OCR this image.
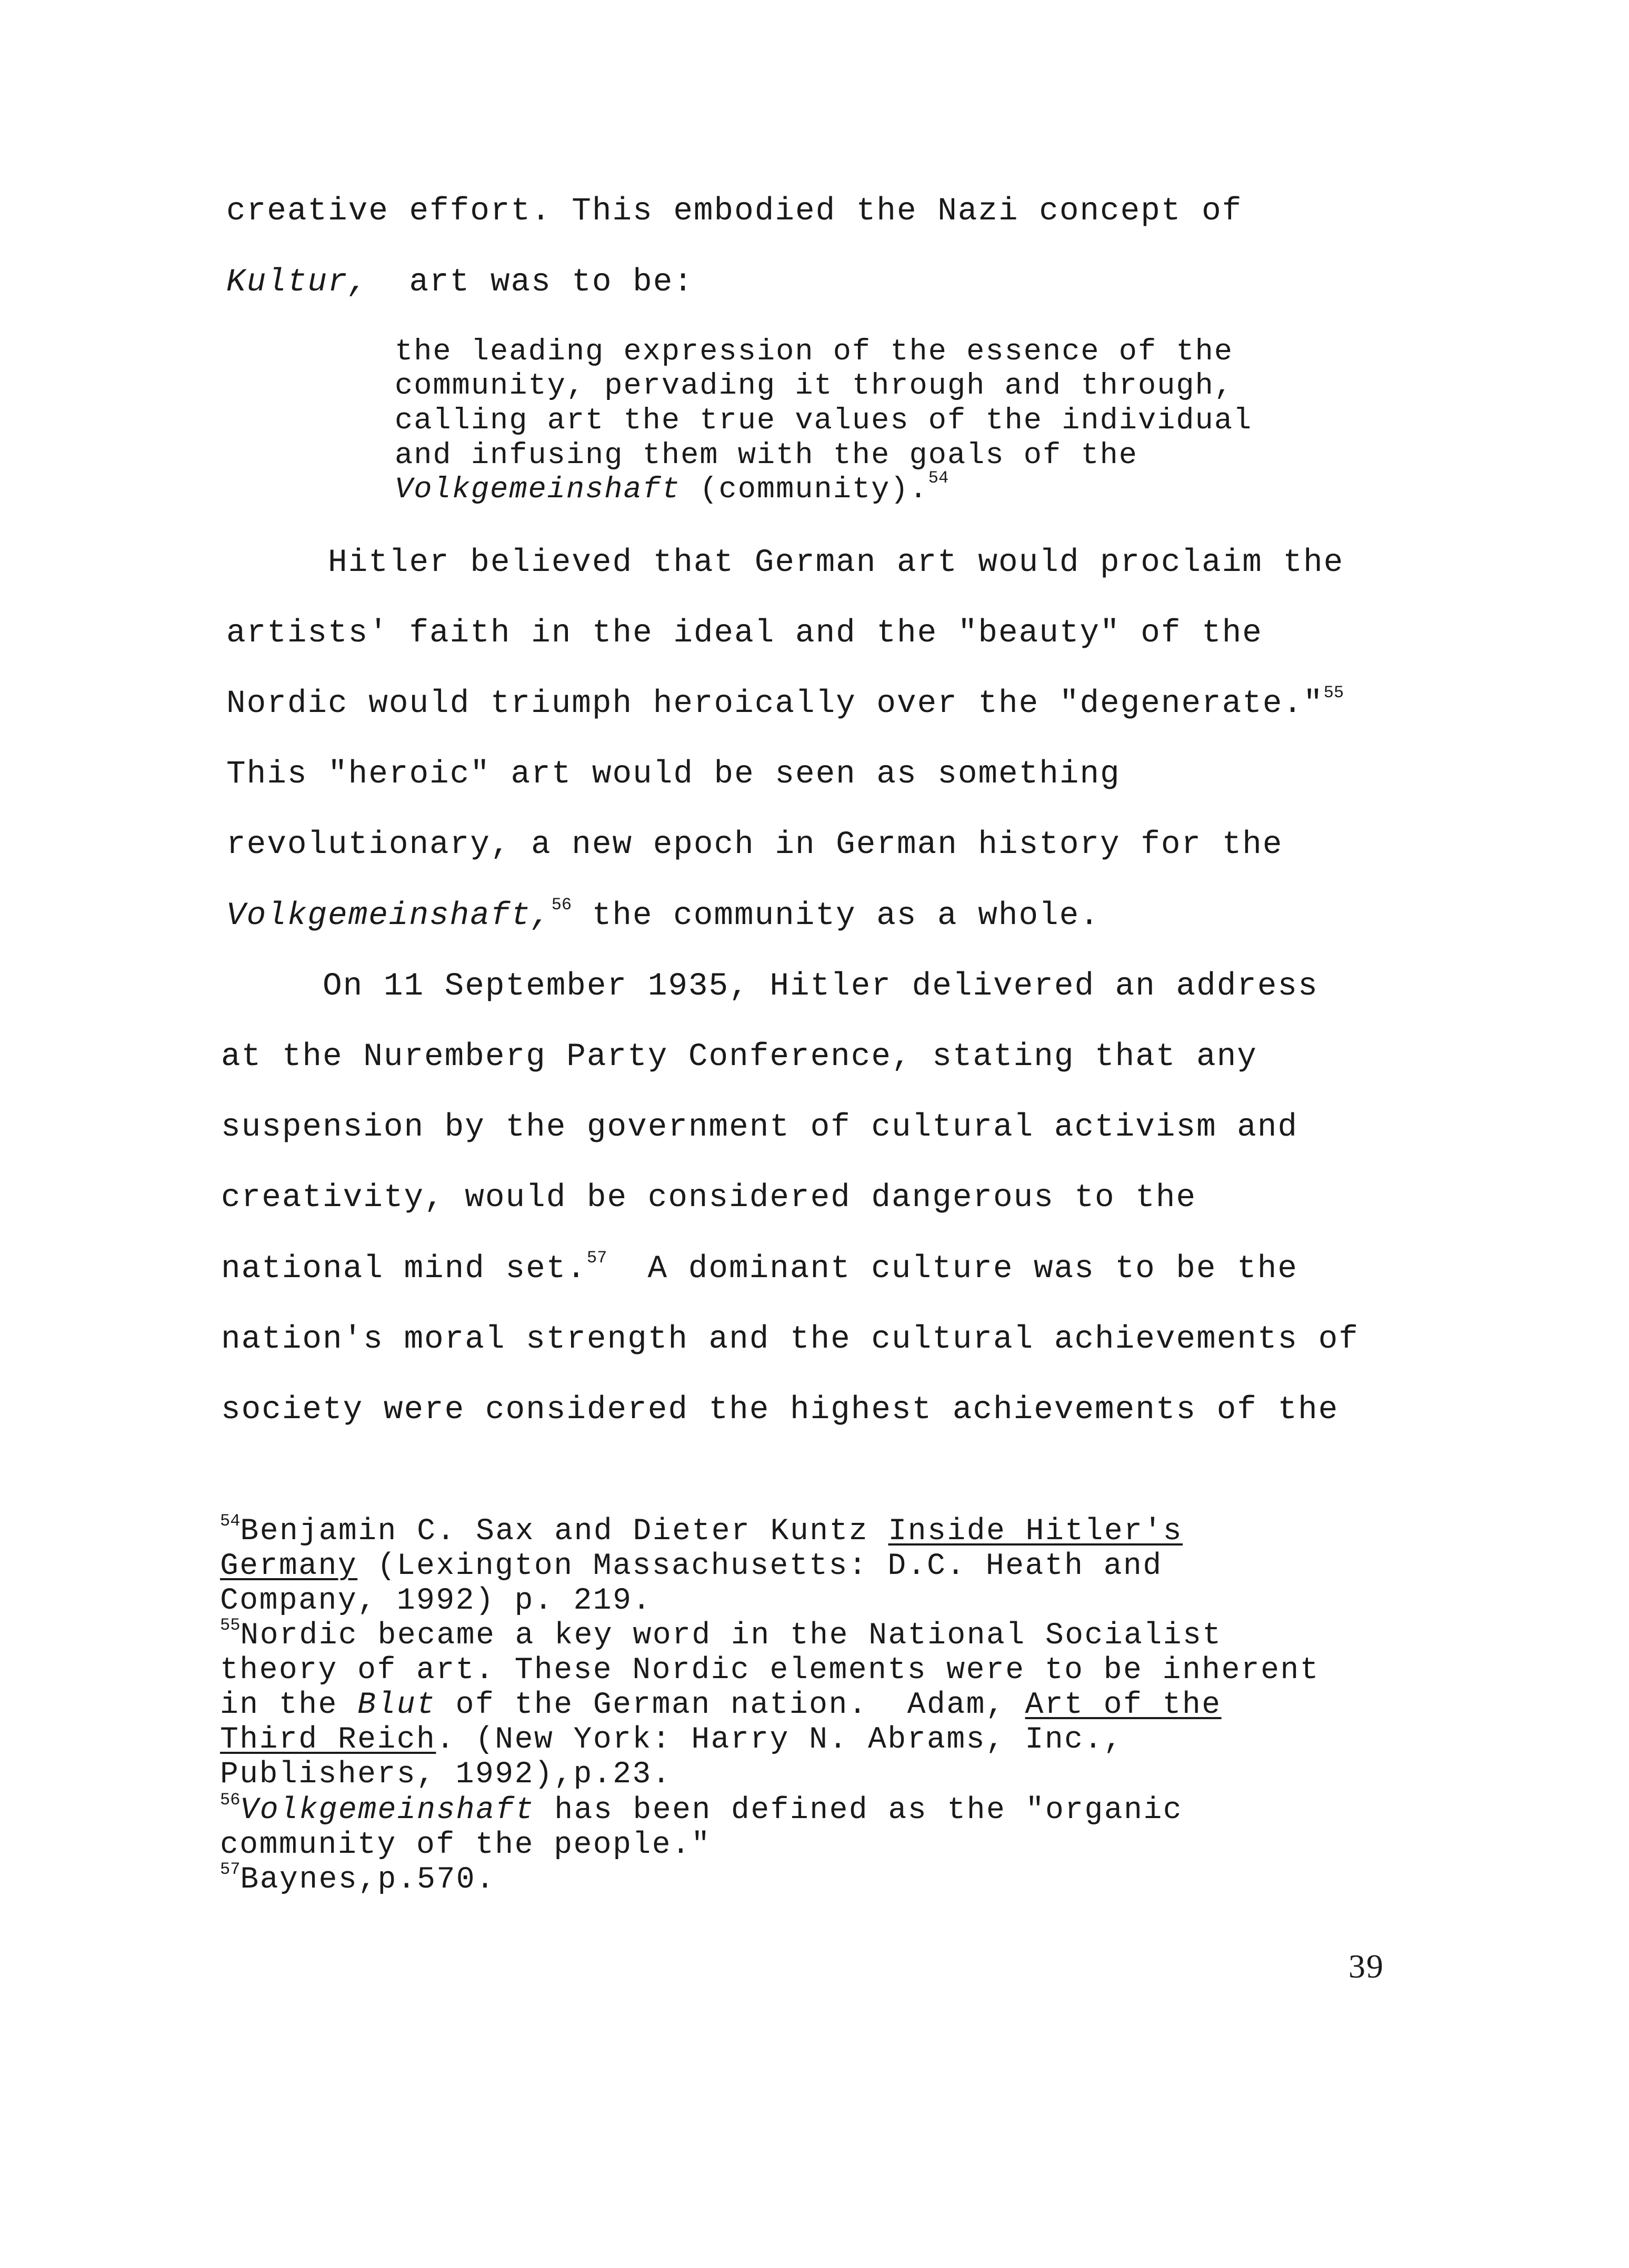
creative effort. This embodied the Nazi concept of
Kultur,  art was to be:
the leading expression of the essence of the
community, pervading it through and through,
calling art the true values of the individual
and infusing them with the goals of the
Volkgemeinshaft (community).$^{54}$
Hitler believed that German art would proclaim the
artists' faith in the ideal and the "beauty" of the
Nordic would triumph heroically over the "degenerate."$^{55}$
This "heroic" art would be seen as something
revolutionary, a new epoch in German history for the
Volkgemeinshaft,$^{56}$ the community as a whole.
On 11 September 1935, Hitler delivered an address
at the Nuremberg Party Conference, stating that any
suspension by the government of cultural activism and
creativity, would be considered dangerous to the
national mind set.$^{57}$  A dominant culture was to be the
nation's moral strength and the cultural achievements of
society were considered the highest achievements of the
$^{54}$Benjamin C. Sax and Dieter Kuntz Inside Hitler's
Germany (Lexington Massachusetts: D.C. Heath and
Company, 1992) p. 219.
$^{55}$Nordic became a key word in the National Socialist
theory of art. These Nordic elements were to be inherent
in the Blut of the German nation.  Adam, Art of the
Third Reich. (New York: Harry N. Abrams, Inc.,
Publishers, 1992),p.23.
$^{56}$Volkgemeinshaft has been defined as the "organic
community of the people."
$^{57}$Baynes,p.570.
39
